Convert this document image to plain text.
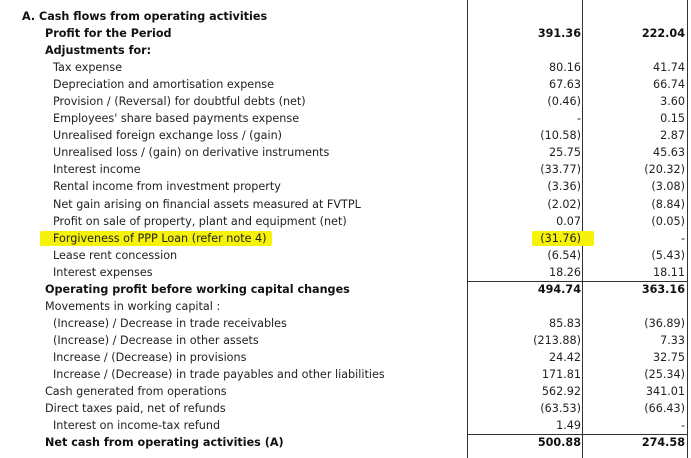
A. Cash flows from operating activities
Profit for the Period	391.36	222.04
Adjustments for:
Tax expense	80.16	41.74
Depreciation and amortisation expense	67.63	66.74
Provision / (Reversal) for doubtful debts (net)	(0.46)	3.60
Employees' share based payments expense	-	0.15
Unrealised foreign exchange loss / (gain)	(10.58)	2.87
Unrealised loss / (gain) on derivative instruments	25.75	45.63
Interest income	(33.77)	(20.32)
Rental income from investment property	(3.36)	(3.08)
Net gain arising on financial assets measured at FVTPL	(2.02)	(8.84)
Profit on sale of property, plant and equipment (net)	0.07	(0.05)
Forgiveness of PPP Loan (refer note 4)	(31.76)	-
Lease rent concession	(6.54)	(5.43)
Interest expenses	18.26	18.11
Operating profit before working capital changes	494.74	363.16
Movements in working capital :
(Increase) / Decrease in trade receivables	85.83	(36.89)
(Increase) / Decrease in other assets	(213.88)	7.33
Increase / (Decrease) in provisions	24.42	32.75
Increase / (Decrease) in trade payables and other liabilities	171.81	(25.34)
Cash generated from operations	562.92	341.01
Direct taxes paid, net of refunds	(63.53)	(66.43)
Interest on income-tax refund	1.49	-
Net cash from operating activities (A)	500.88	274.58
